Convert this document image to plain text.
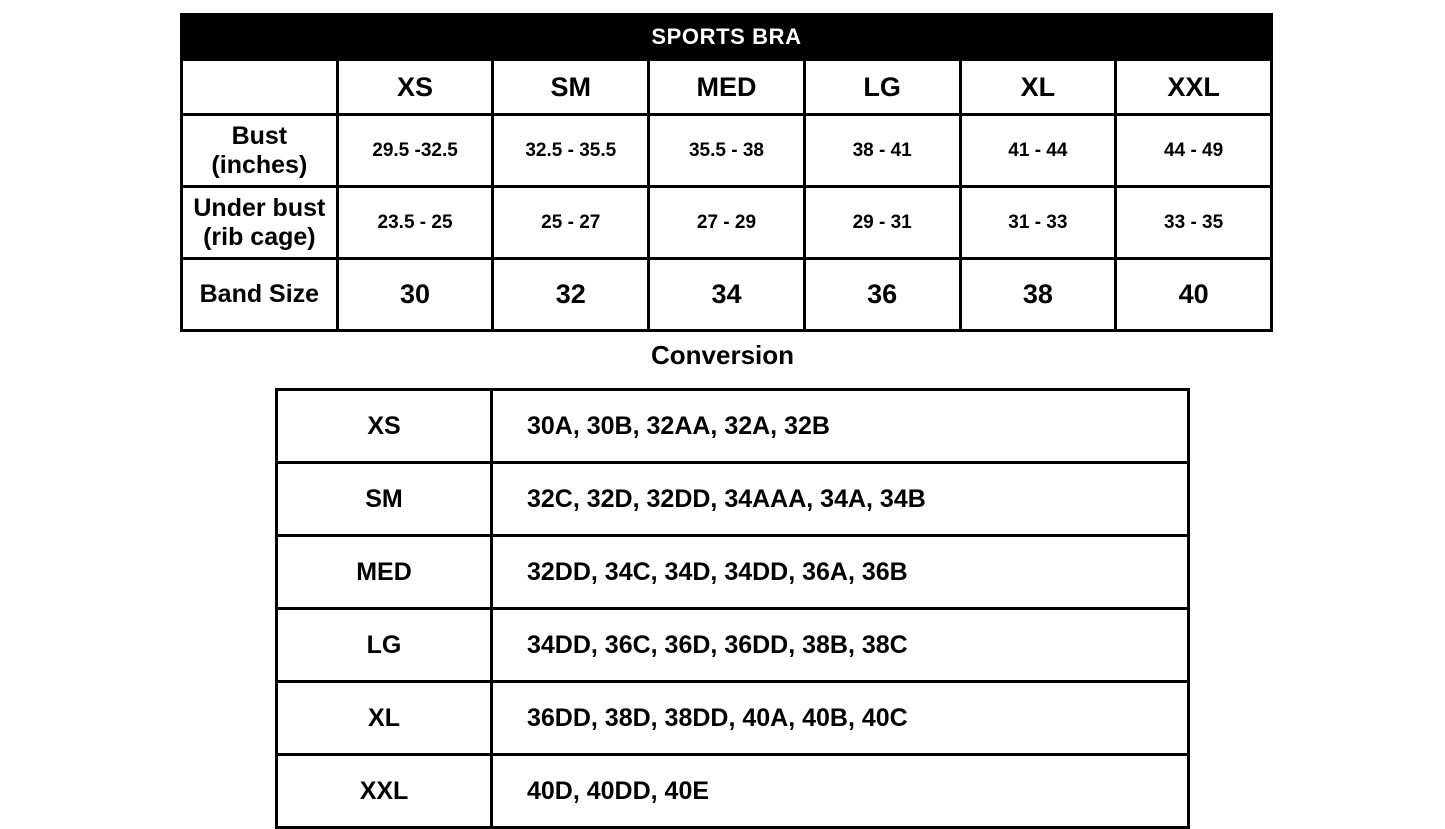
SPORTS BRA						
	XS	SM	MED	LG	XL	XXL
Bust (inches)	29.5 -32.5	32.5 - 35.5	35.5 - 38	38 - 41	41 - 44	44 - 49
Under bust (rib cage)	23.5 - 25	25 - 27	27 - 29	29 - 31	31 - 33	33 - 35
Band Size	30	32	34	36	38	40
Conversion
XS	30A, 30B, 32AA, 32A, 32B
SM	32C, 32D, 32DD, 34AAA, 34A, 34B
MED	32DD, 34C, 34D, 34DD, 36A, 36B
LG	34DD, 36C, 36D, 36DD, 38B, 38C
XL	36DD, 38D, 38DD, 40A, 40B, 40C
XXL	40D, 40DD, 40E
